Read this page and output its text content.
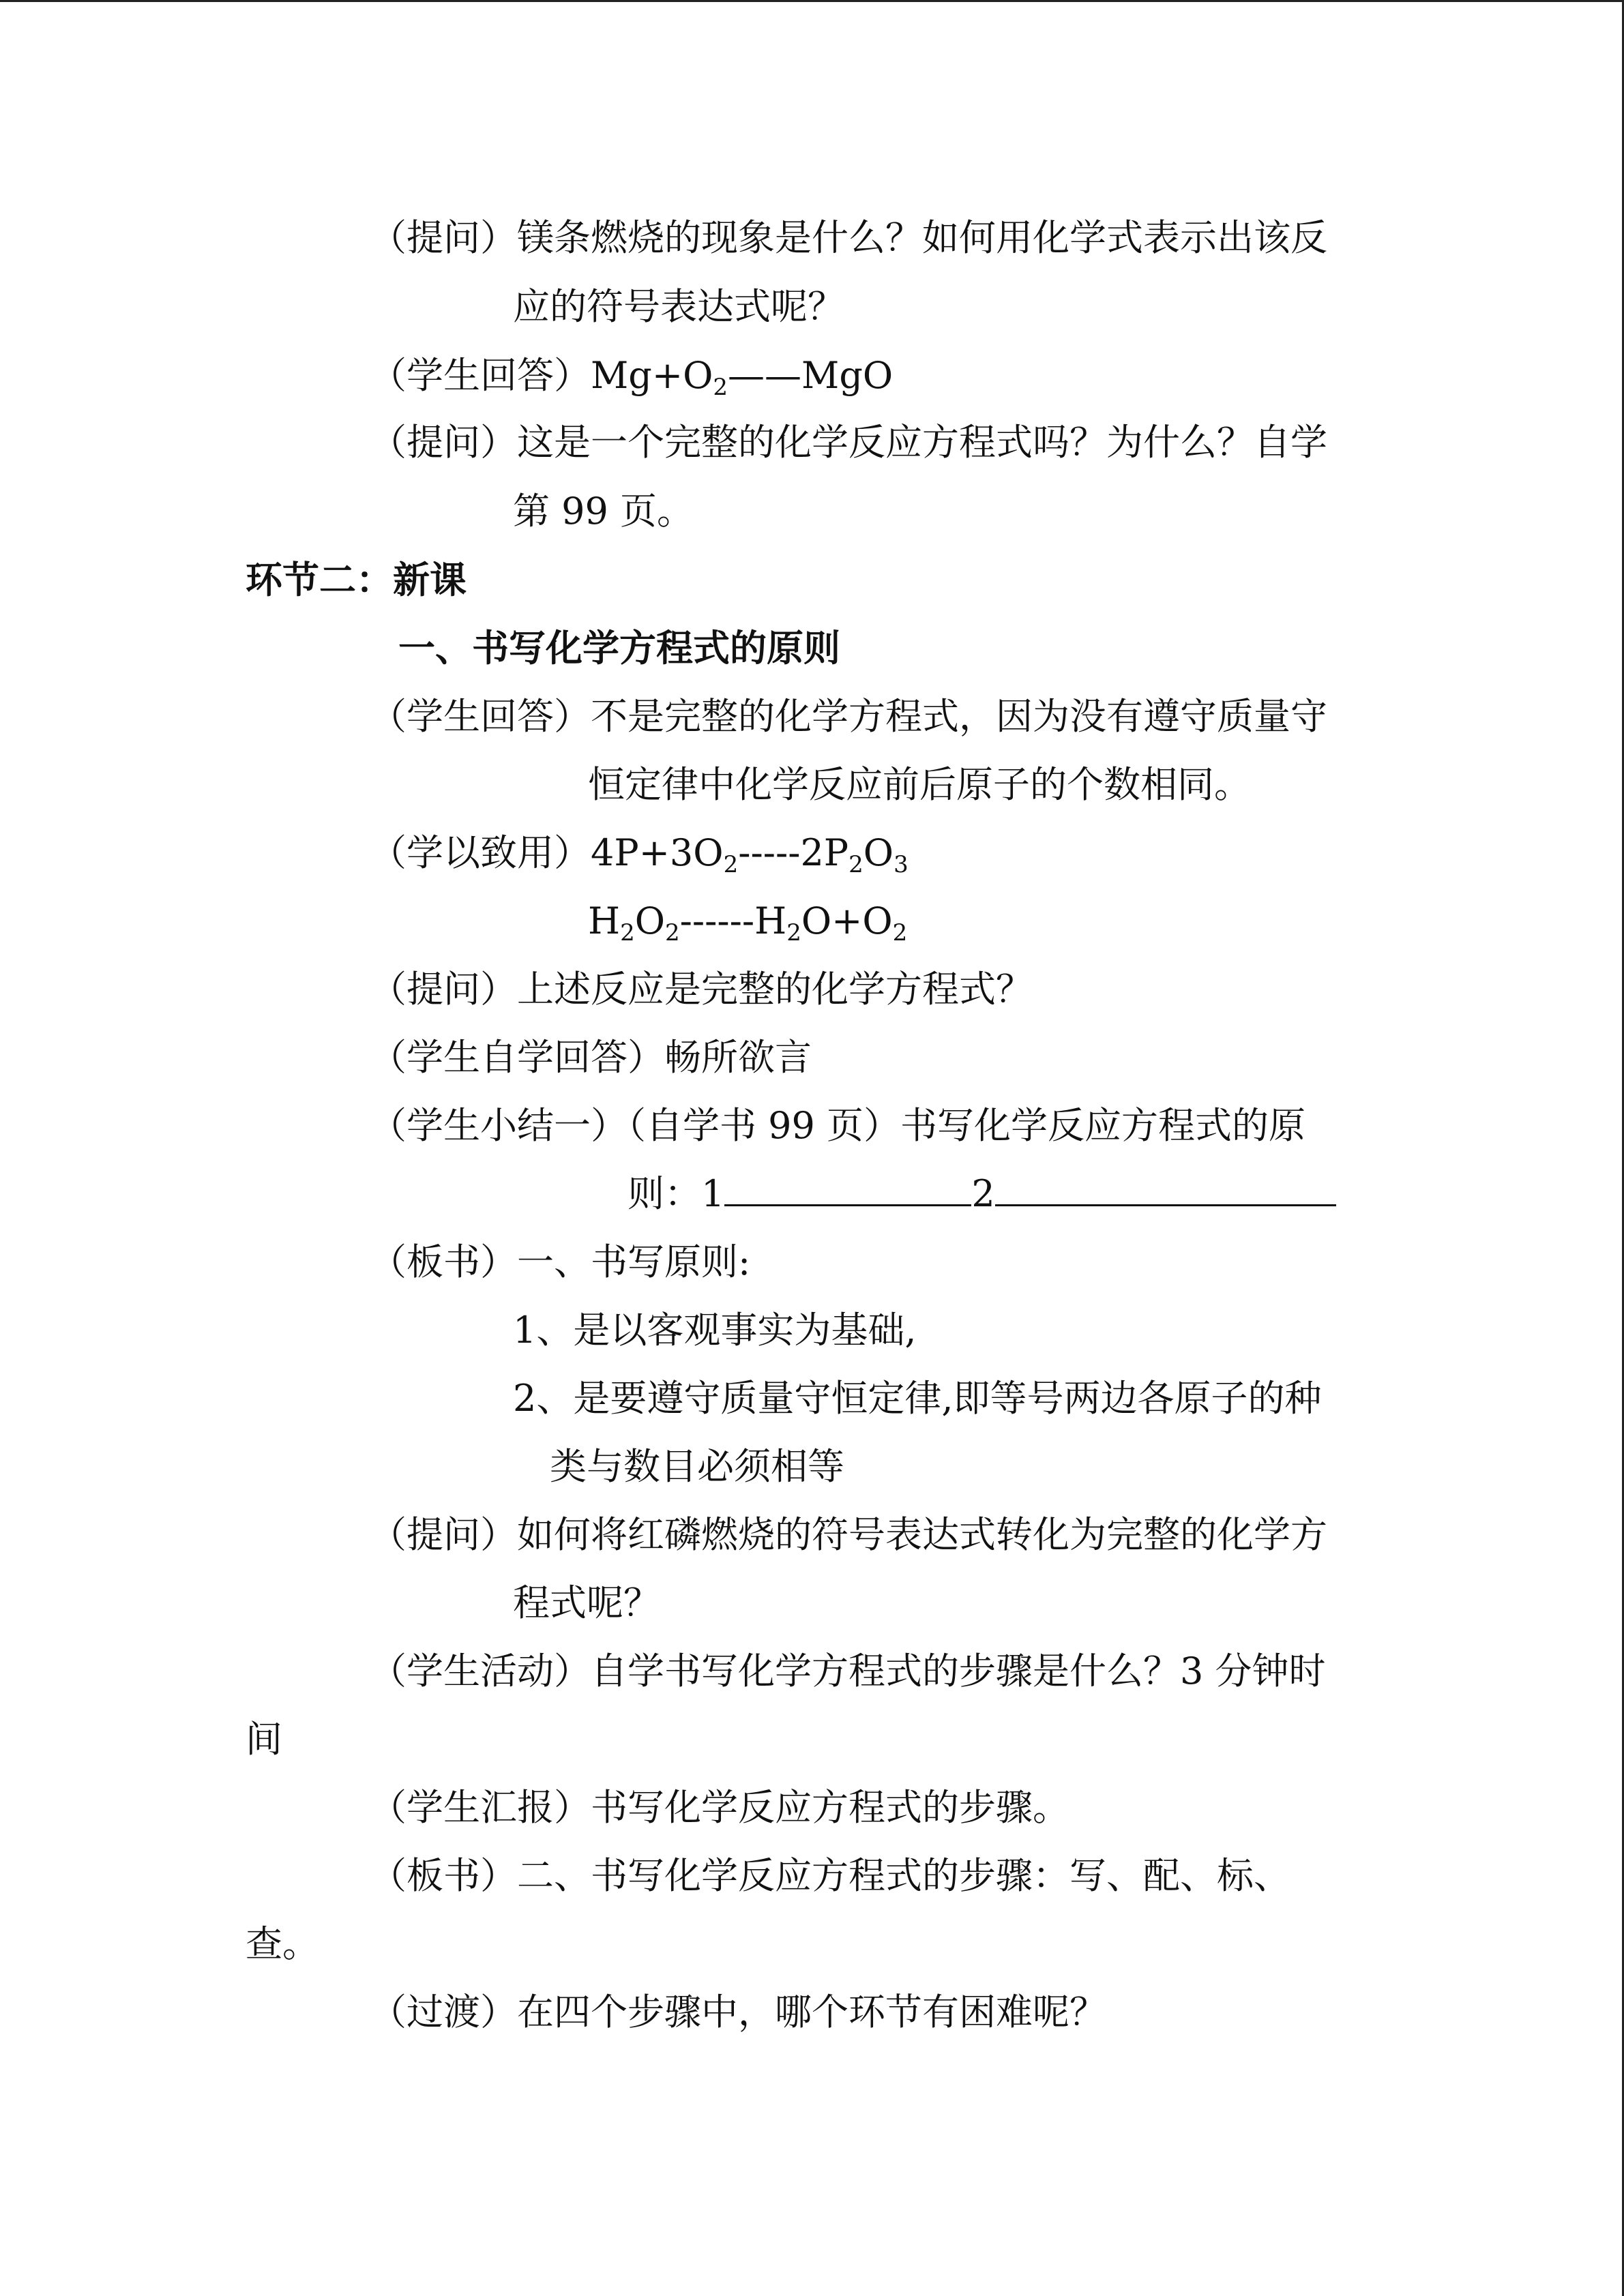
（提问）镁条燃烧的现象是什么？如何用化学式表示出该反
应的符号表达式呢？
（学生回答）$Mg+O_2——MgO$
（提问）这是一个完整的化学反应方程式吗？为什么？自学
第 99 页。
环节二：新课
一、书写化学方程式的原则
（学生回答）不是完整的化学方程式，因为没有遵守质量守
恒定律中化学反应前后原子的个数相同。
（学以致用）$4P+3O_2-----2P_2O_3$
$H_2O_2------H_2O+O_2$
（提问）上述反应是完整的化学方程式？
（学生自学回答）畅所欲言
（学生小结一）（自学书 99 页）书写化学反应方程式的原
则：1	2
（板书）一、书写原则:
1、是以客观事实为基础,
2、是要遵守质量守恒定律,即等号两边各原子的种
类与数目必须相等
（提问）如何将红磷燃烧的符号表达式转化为完整的化学方
程式呢？
（学生活动）自学书写化学方程式的步骤是什么？3 分钟时
间
（学生汇报）书写化学反应方程式的步骤。
（板书）二、书写化学反应方程式的步骤：写、配、标、
查。
（过渡）在四个步骤中，哪个环节有困难呢？
